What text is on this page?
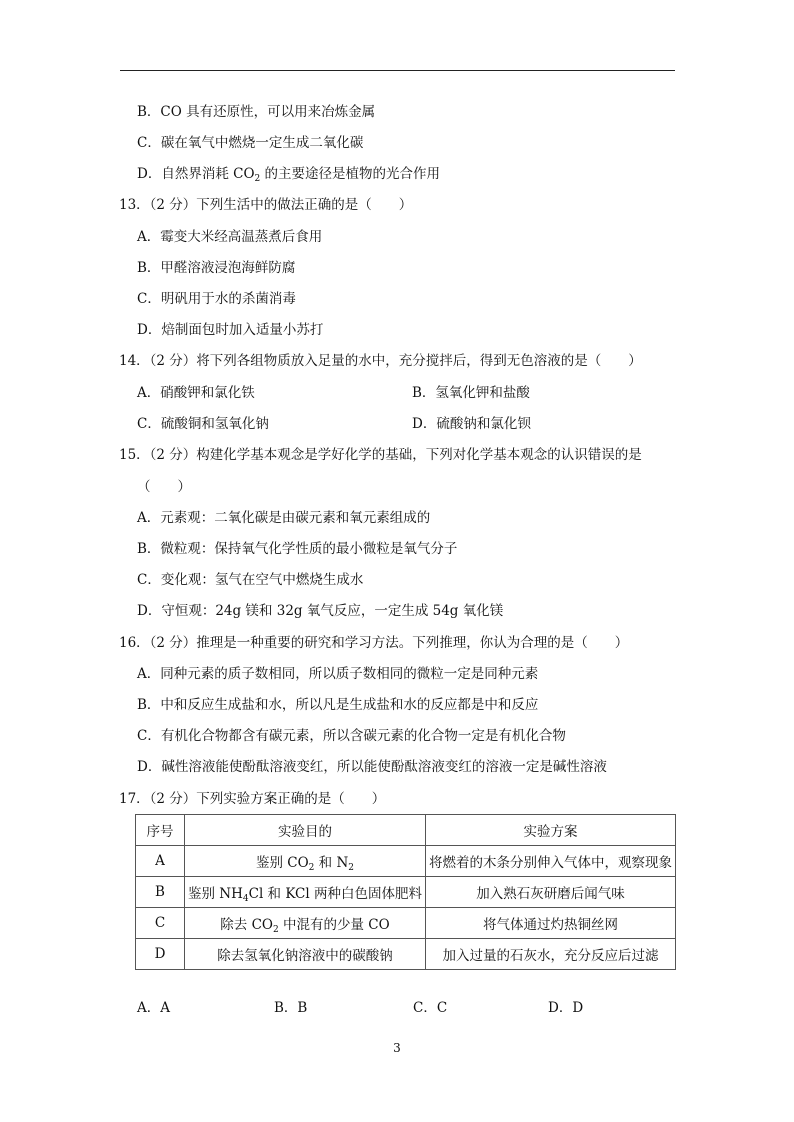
B．CO 具有还原性，可以用来冶炼金属
C．碳在氧气中燃烧一定生成二氧化碳
D．自然界消耗 $CO_2$ 的主要途径是植物的光合作用
13．（2 分）下列生活中的做法正确的是（　　）
A．霉变大米经高温蒸煮后食用
B．甲醛溶液浸泡海鲜防腐
C．明矾用于水的杀菌消毒
D．焙制面包时加入适量小苏打
14．（2 分）将下列各组物质放入足量的水中，充分搅拌后，得到无色溶液的是（　　）
A．硝酸钾和氯化铁	B．氢氧化钾和盐酸
C．硫酸铜和氢氧化钠	D．硫酸钠和氯化钡
15．（2 分）构建化学基本观念是学好化学的基础，下列对化学基本观念的认识错误的是
（　　）
A．元素观：二氧化碳是由碳元素和氧元素组成的
B．微粒观：保持氧气化学性质的最小微粒是氧气分子
C．变化观：氢气在空气中燃烧生成水
D．守恒观：24g 镁和 32g 氧气反应，一定生成 54g 氧化镁
16．（2 分）推理是一种重要的研究和学习方法。下列推理，你认为合理的是（　　）
A．同种元素的质子数相同，所以质子数相同的微粒一定是同种元素
B．中和反应生成盐和水，所以凡是生成盐和水的反应都是中和反应
C．有机化合物都含有碳元素，所以含碳元素的化合物一定是有机化合物
D．碱性溶液能使酚酞溶液变红，所以能使酚酞溶液变红的溶液一定是碱性溶液
17．（2 分）下列实验方案正确的是（　　）
序号	实验目的	实验方案
A	鉴别 $CO_2$ 和 $N_2$	将燃着的木条分别伸入气体中，观察现象
B	鉴别 $NH_4Cl$ 和 KCl 两种白色固体肥料	加入熟石灰研磨后闻气味
C	除去 $CO_2$ 中混有的少量 CO	将气体通过灼热铜丝网
D	除去氢氧化钠溶液中的碳酸钠	加入过量的石灰水，充分反应后过滤
A．A	B．B	C．C	D．D
3
